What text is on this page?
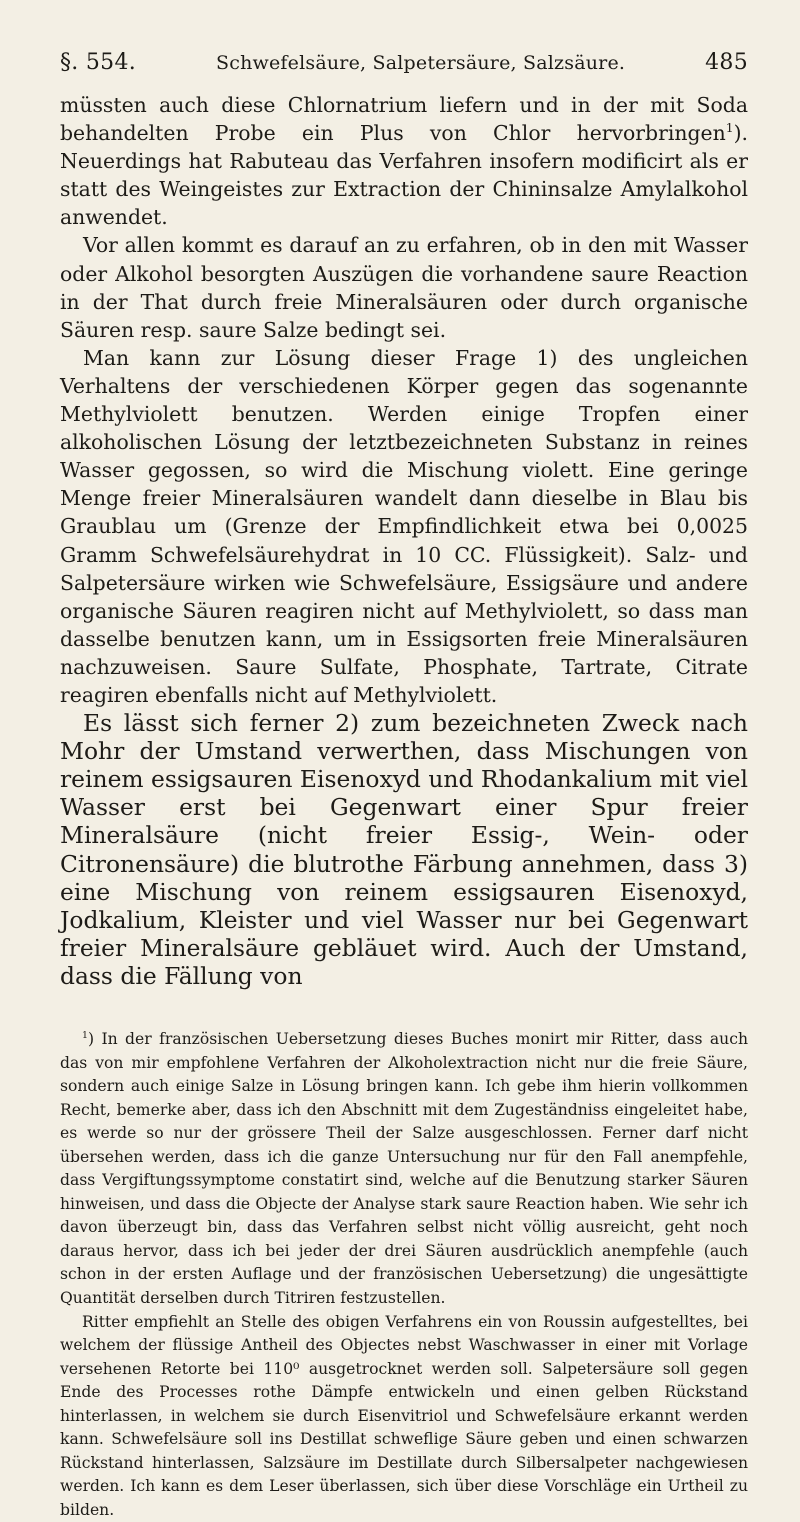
§. 554.	Schwefelsäure, Salpetersäure, Salzsäure.	485

müssten auch diese Chlornatrium liefern und in der mit Soda behandelten Probe ein Plus von Chlor hervorbringen$^1$). Neuerdings hat Rabuteau das Verfahren insofern modificirt als er statt des Weingeistes zur Extraction der Chininsalze Amylalkohol anwendet.

Vor allen kommt es darauf an zu erfahren, ob in den mit Wasser oder Alkohol besorgten Auszügen die vorhandene saure Reaction in der That durch freie Mineralsäuren oder durch organische Säuren resp. saure Salze bedingt sei.

Man kann zur Lösung dieser Frage 1) des ungleichen Verhaltens der verschiedenen Körper gegen das sogenannte Methylviolett benutzen. Werden einige Tropfen einer alkoholischen Lösung der letztbezeichneten Substanz in reines Wasser gegossen, so wird die Mischung violett. Eine geringe Menge freier Mineralsäuren wandelt dann dieselbe in Blau bis Graublau um (Grenze der Empfindlichkeit etwa bei 0,0025 Gramm Schwefelsäurehydrat in 10 CC. Flüssigkeit). Salz- und Salpetersäure wirken wie Schwefelsäure, Essigsäure und andere organische Säuren reagiren nicht auf Methylviolett, so dass man dasselbe benutzen kann, um in Essigsorten freie Mineralsäuren nachzuweisen. Saure Sulfate, Phosphate, Tartrate, Citrate reagiren ebenfalls nicht auf Methylviolett.

Es lässt sich ferner 2) zum bezeichneten Zweck nach Mohr der Umstand verwerthen, dass Mischungen von reinem essigsauren Eisenoxyd und Rhodankalium mit viel Wasser erst bei Gegenwart einer Spur freier Mineralsäure (nicht freier Essig-, Wein- oder Citronensäure) die blutrothe Färbung annehmen, dass 3) eine Mischung von reinem essigsauren Eisenoxyd, Jodkalium, Kleister und viel Wasser nur bei Gegenwart freier Mineralsäure gebläuet wird. Auch der Umstand, dass die Fällung von

$^1$) In der französischen Uebersetzung dieses Buches monirt mir Ritter, dass auch das von mir empfohlene Verfahren der Alkoholextraction nicht nur die freie Säure, sondern auch einige Salze in Lösung bringen kann. Ich gebe ihm hierin vollkommen Recht, bemerke aber, dass ich den Abschnitt mit dem Zugeständniss eingeleitet habe, es werde so nur der grössere Theil der Salze ausgeschlossen. Ferner darf nicht übersehen werden, dass ich die ganze Untersuchung nur für den Fall anempfehle, dass Vergiftungssymptome constatirt sind, welche auf die Benutzung starker Säuren hinweisen, und dass die Objecte der Analyse stark saure Reaction haben. Wie sehr ich davon überzeugt bin, dass das Verfahren selbst nicht völlig ausreicht, geht noch daraus hervor, dass ich bei jeder der drei Säuren ausdrücklich anempfehle (auch schon in der ersten Auflage und der französischen Uebersetzung) die ungesättigte Quantität derselben durch Titriren festzustellen.

Ritter empfiehlt an Stelle des obigen Verfahrens ein von Roussin aufgestelltes, bei welchem der flüssige Antheil des Objectes nebst Waschwasser in einer mit Vorlage versehenen Retorte bei 110⁰ ausgetrocknet werden soll. Salpetersäure soll gegen Ende des Processes rothe Dämpfe entwickeln und einen gelben Rückstand hinterlassen, in welchem sie durch Eisenvitriol und Schwefelsäure erkannt werden kann. Schwefelsäure soll ins Destillat schweflige Säure geben und einen schwarzen Rückstand hinterlassen, Salzsäure im Destillate durch Silbersalpeter nachgewiesen werden. Ich kann es dem Leser überlassen, sich über diese Vorschläge ein Urtheil zu bilden.
